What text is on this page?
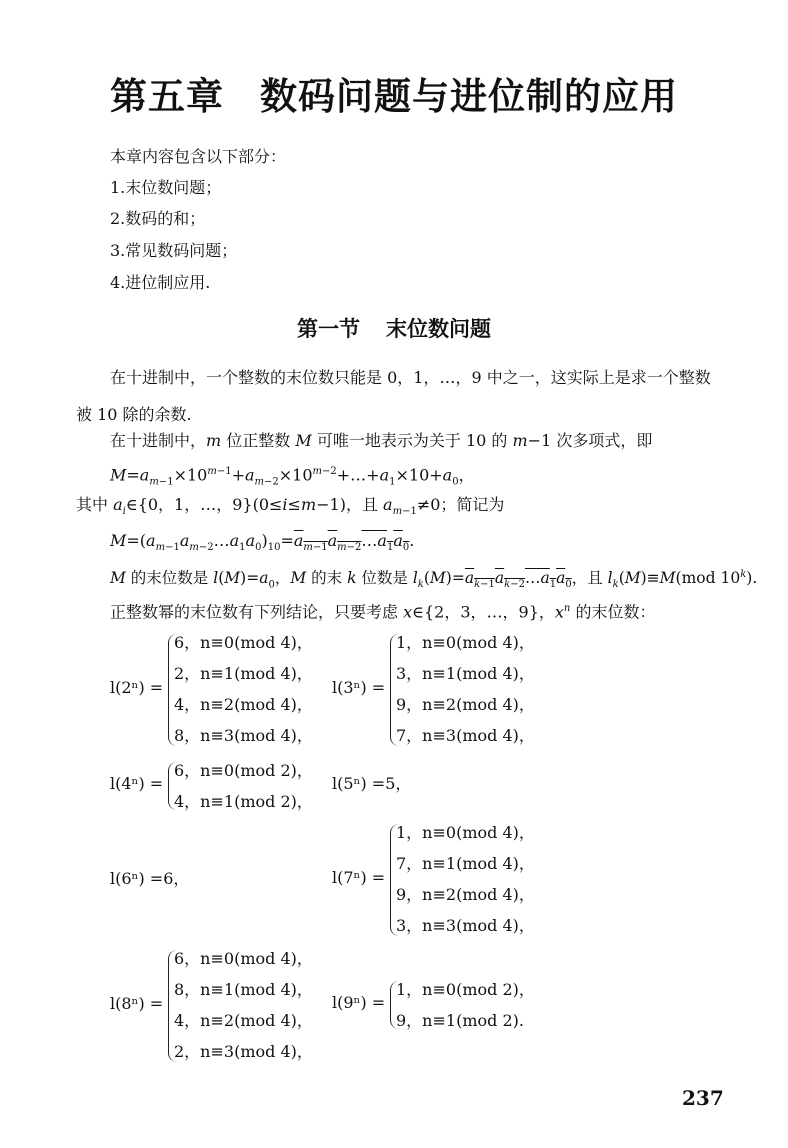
第五章 数码问题与进位制的应用
本章内容包含以下部分：
1.末位数问题；
2.数码的和；
3.常见数码问题；
4.进位制应用.
第一节 末位数问题
在十进制中，一个整数的末位数只能是 0，1，…，9 中之一，这实际上是求一个整数被 10 除的余数.
在十进制中，m 位正整数 M 可唯一地表示为关于 10 的 m−1 次多项式，即
$M=a_{m-1}\times 10^{m-1}+a_{m-2}\times 10^{m-2}+\dots+a_1\times 10+a_0$，
其中 $a_i\in\{0$，1，…，9}(0≤i≤m−1)，且 $a_{m-1}\ne 0$；简记为
$M=(a_{m-1}a_{m-2}\dots a_1a_0)_{10}=a_{m-1}a_{m-2}\dots a_1a_0$.
M 的末位数是 $l(M)=a_0$，M 的末 k 位数是 $l_k(M)=a_{k-1}a_{k-2}\dots a_1a_0$，且 $l_k(M)\equiv M(mod$ 10$^k$).
正整数幂的末位数有下列结论，只要考虑 x∈{2，3，…，9}，$x^n$ 的末位数：
l(2ⁿ) =
6，n≡0(mod 4)，
2，n≡1(mod 4)，
4，n≡2(mod 4)，
8，n≡3(mod 4)，
l(3ⁿ) =
1，n≡0(mod 4)，
3，n≡1(mod 4)，
9，n≡2(mod 4)，
7，n≡3(mod 4)，
l(4ⁿ) =
6，n≡0(mod 2)，
4，n≡1(mod 2)，
l(5ⁿ) =5，
l(6ⁿ) =6，	l(7ⁿ) =
1，n≡0(mod 4)，
7，n≡1(mod 4)，
9，n≡2(mod 4)，
3，n≡3(mod 4)，
l(8ⁿ) =
6，n≡0(mod 4)，
8，n≡1(mod 4)，
4，n≡2(mod 4)，
2，n≡3(mod 4)，
l(9ⁿ) =
1，n≡0(mod 2)，
9，n≡1(mod 2).
237
